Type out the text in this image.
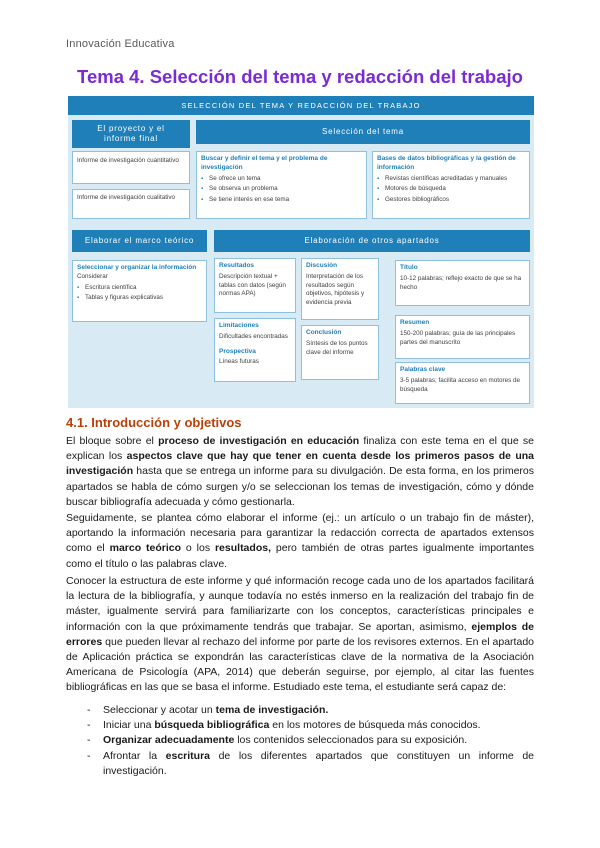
Innovación Educativa
Tema 4. Selección del tema y redacción del trabajo
SELECCIÓN DEL TEMA Y REDACCIÓN DEL TRABAJO
El proyecto y el informe final
Informe de investigación cuantitativo
Informe de investigación cualitativo
Selección del tema
Buscar y definir el tema y el problema de investigación
▪ Se ofrece un tema
▪ Se observa un problema
▪ Se tiene interés en ese tema
Bases de datos bibliográficas y la gestión de información
▪ Revistas científicas acreditadas y manuales
▪ Motores de búsqueda
▪ Gestores bibliográficos
Elaborar el marco teórico
Seleccionar y organizar la información
Considerar
▪ Escritura científica
▪ Tablas y figuras explicativas
Elaboración de otros apartados
Resultados
Descripción textual + tablas con datos (según normas APA)
Limitaciones
Dificultades encontradas
Prospectiva
Líneas futuras
Discusión
Interpretación de los resultados según objetivos, hipótesis y evidencia previa
Conclusión
Síntesis de los puntos clave del informe
Título
10-12 palabras; reflejo exacto de que se ha hecho
Resumen
150-200 palabras; guía de las principales partes del manuscrito
Palabras clave
3-5 palabras; facilita acceso en motores de búsqueda
4.1. Introducción y objetivos

El bloque sobre el proceso de investigación en educación finaliza con este tema en el que se explican los aspectos clave que hay que tener en cuenta desde los primeros pasos de una investigación hasta que se entrega un informe para su divulgación. De esta forma, en los primeros apartados se habla de cómo surgen y/o se seleccionan los temas de investigación, cómo y dónde buscar bibliografía adecuada y cómo gestionarla.

Seguidamente, se plantea cómo elaborar el informe (ej.: un artículo o un trabajo fin de máster), aportando la información necesaria para garantizar la redacción correcta de apartados extensos como el marco teórico o los resultados, pero también de otras partes igualmente importantes como el título o las palabras clave.

Conocer la estructura de este informe y qué información recoge cada uno de los apartados facilitará la lectura de la bibliografía, y aunque todavía no estés inmerso en la realización del trabajo fin de máster, igualmente servirá para familiarizarte con los conceptos, características principales e información con la que próximamente tendrás que trabajar. Se aportan, asimismo, ejemplos de errores que pueden llevar al rechazo del informe por parte de los revisores externos. En el apartado de Aplicación práctica se expondrán las características clave de la normativa de la Asociación Americana de Psicología (APA, 2014) que deberán seguirse, por ejemplo, al citar las fuentes bibliográficas en las que se basa el informe. Estudiado este tema, el estudiante será capaz de:

- Seleccionar y acotar un tema de investigación.
- Iniciar una búsqueda bibliográfica en los motores de búsqueda más conocidos.
- Organizar adecuadamente los contenidos seleccionados para su exposición.
- Afrontar la escritura de los diferentes apartados que constituyen un informe de investigación.
